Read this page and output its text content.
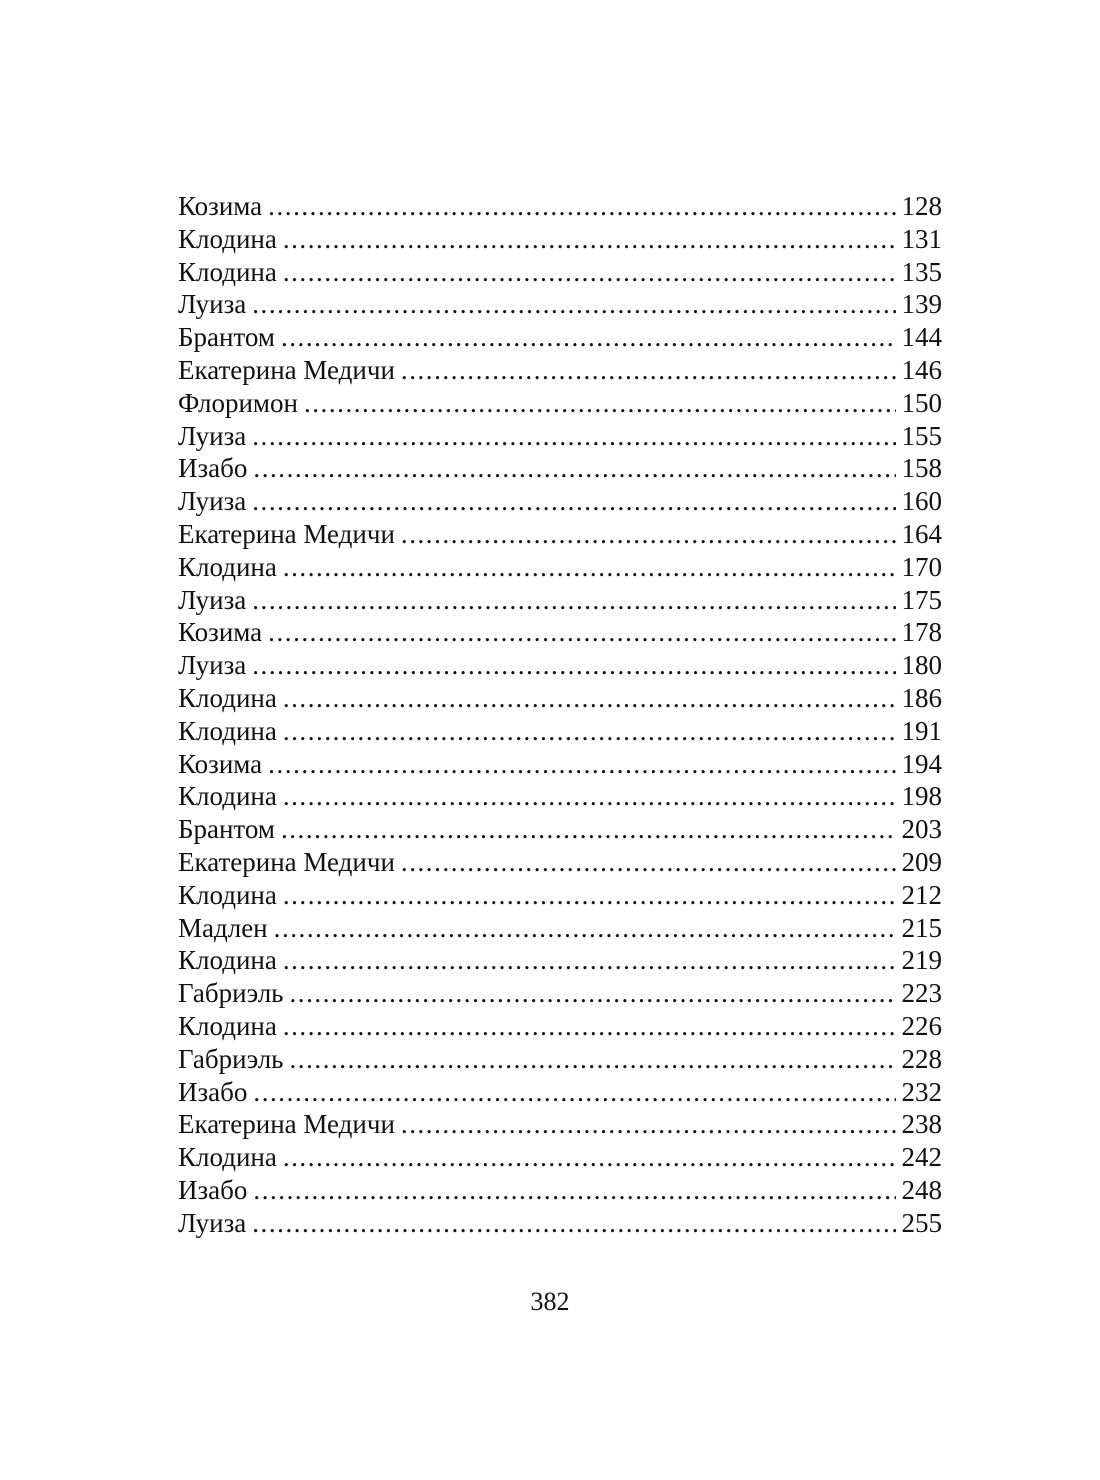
Козима . . .	128
Клодина . . .	131
Клодина . . .	135
Луиза . . .	139
Брантом . . .	144
Екатерина Медичи . . .	146
Флоримон . . .	150
Луиза . . .	155
Изабо . . .	158
Луиза . . .	160
Екатерина Медичи . . .	164
Клодина . . .	170
Луиза . . .	175
Козима . . .	178
Луиза . . .	180
Клодина . . .	186
Клодина . . .	191
Козима . . .	194
Клодина . . .	198
Брантом . . .	203
Екатерина Медичи . . .	209
Клодина . . .	212
Мадлен . . .	215
Клодина . . .	219
Габриэль . . .	223
Клодина . . .	226
Габриэль . . .	228
Изабо . . .	232
Екатерина Медичи . . .	238
Клодина . . .	242
Изабо . . .	248
Луиза . . .	255
382
